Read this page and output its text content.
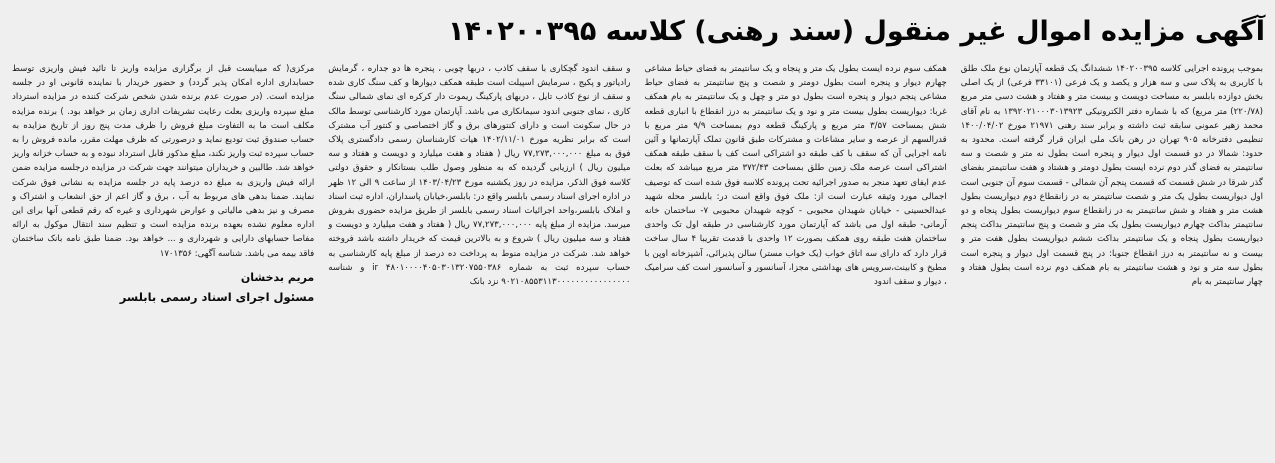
آگهی مزایده اموال غیر منقول (سند رهنی) کلاسه ۱۴۰۲۰۰۳۹۵

بموجب پرونده اجرایی کلاسه ۱۴۰۲۰۰۳۹۵ ششدانگ یک قطعه آپارتمان نوع ملک طلق با کاربری به پلاک سی و سه هزار و یکصد و یک فرعی (۳۳۱۰۱ فرعی) از یک اصلی بخش دوازده بابلسر به مساحت دویست و بیست متر و هفتاد و هشت دسی متر مربع (۲۲۰/۷۸) متر مربع) که با شماره دفتر الکترونیکی ۱۳۹۲۰۲۱۰۰۰۳۰۱۳۹۲۳ به نام آقای محمد زهیر عمونی سابقه ثبت داشته و برابر سند رهنی ۲۱۹۷۱ مورخ ۱۴۰۰/۰۴/۰۲ تنظیمی دفترخانه ۹۰۵ تهران در رهن بانک ملی ایران قرار گرفته است. محدود به حدود: شمالا در دو قسمت اول دیوار و پنجره است بطول نه متر و شصت و سه سانتیمتر به فضای گذر دوم نرده ایست بطول دومتر و هشتاد و هفت سانتیمتر بفضای گذر شرقا در شش قسمت که قسمت پنجم آن شمالی - قسمت سوم آن جنوبی است اول دیواریست بطول یک متر و شصت سانتیمتر به در زانقطاع دوم دیواریست بطول هشت متر و هفتاد و شش سانتیمتر به در زانقطاع سوم دیواریست بطول پنجاه و دو سانتیمتر بداکت چهارم دیواریست بطول یک متر و شصت و پنج سانتیمتر بداکت پنجم دیواریست بطول پنجاه و یک سانتیمتر بداکت ششم دیواریست بطول هفت متر و بیست و نه سانتیمتر به درز انقطاع جنوبا: در پنج قسمت اول دیوار و پنجره است بطول سه متر و نود و هشت سانتیمتر به بام همکف دوم نرده است بطول هفتاد و چهار سانتیمتر به بام

همکف سوم نرده ایست بطول یک متر و پنجاه و یک سانتیمتر به فضای حیاط مشاعی چهارم دیوار و پنجره است بطول دومتر و شصت و پنج سانتیمتر به فضای حیاط مشاعی پنجم دیوار و پنجره است بطول دو متر و چهل و یک سانتیمتر به بام همکف غربا: دیواریست بطول بیست متر و نود و یک سانتیمتر به درز انقطاع با انباری قطعه شش بمساحت ۳/۵۷ متر مربع و پارکینگ قطعه دوم بمساحت ۹/۹ متر مربع با قدرالسهم از عرصه و سایر مشاعات و مشترکات طبق قانون تملک آپارتمانها و آئین نامه اجرایی آن که سقف با کف طبقه دو اشتراکی است کف با سقف طبقه همکف اشتراکی است عرصه ملک زمین طلق بمساحت ۳۷۲/۴۳ متر مربع میباشد که بعلت عدم ایفای تعهد منجر به صدور اجرائیه تحت پرونده کلاسه فوق شده است که توصیف اجمالی مورد وثیقه عبارت است از: ملک فوق واقع است در: بابلسر محله شهید عبدالحسینی - خیابان شهیدان محبوبی - کوچه شهیدان محبوبی ۷- ساختمان خانه آرمانی- طبقه اول می باشد که آپارتمان مورد کارشناسی در طبقه اول تک واحدی ساختمان هفت طبقه روی همکف بصورت ۱۲ واحدی با قدمت تقریبا ۴ سال ساخت قرار دارد که دارای سه اتاق خواب (یک خواب مستر) سالن پذیرائی، آشپزخانه اوپن با مطبخ و کابینت،سرویس های بهداشتی مجزا، آسانسور و آسانسور است کف سرامیک ، دیوار و سقف اندود

و سقف اندود گچکاری با سقف کاذب ، دربها چوبی ، پنجره ها دو جداره ، گرمایش رادیاتور و پکیج ، سرمایش اسپیلت است طبقه همکف دیوارها و کف سنگ کاری شده و سقف از نوع کاذب تایل ، دربهای پارکینگ ریموت دار کرکره ای نمای شمالی سنگ کاری ، نمای جنوبی اندود سیمانکاری می باشد. آپارتمان مورد کارشناسی توسط مالک در حال سکونت است و دارای کنتورهای برق و گاز اختصاصی و کنتور آب مشترک است که برابر نظریه مورخ ۱۴۰۲/۱۱/۰۱ هیات کارشناسان رسمی دادگستری پلاک فوق به مبلغ ۷۷,۲۷۳,۰۰۰,۰۰۰ ریال ( هفتاد و هفت میلیارد و دویست و هفتاد و سه میلیون ریال ) ارزیابی گردیده که به منظور وصول طلب بستانکار و حقوق دولتی کلاسه فوق الذکر، مزایده در روز یکشنبه مورخ ۱۴۰۳/۰۴/۲۳ از ساعت ۹ الی ۱۲ ظهر در اداره اجرای اسناد رسمی بابلسر واقع در: بابلسر،خیابان پاسداران، اداره ثبت اسناد و املاک بابلسر،واحد اجرائیات اسناد رسمی بابلسر از طریق مزایده حضوری بفروش میرسد. مزایده از مبلغ پایه ۷۷,۲۷۳,۰۰۰,۰۰۰ ریال ( هفتاد و هفت میلیارد و دویست و هفتاد و سه میلیون ریال ) شروع و به بالاترین قیمت که خریدار داشته باشد فروخته خواهد شد. شرکت در مزایده منوط به پرداخت ده درصد از مبلغ پایه کارشناسی به حساب سپرده ثبت به شماره ir ۴۸۰۱۰۰۰۰۴۰۵۰۳۰۱۳۲۰۷۵۵۰۳۸۶ و شناسه ۹۰۲۱۰۸۵۵۳۱۱۳۰۰۰۰۰۰۰۰۰۰۰۰۰۰۰۰ نزد بانک

مرکزی( که میبایست قبل از برگزاری مزایده واریز تا تائید فیش واریزی توسط حسابداری اداره امکان پذیر گردد) و حضور خریدار با نماینده قانونی او در جلسه مزایده است. (در صورت عدم برنده شدن شخص شرکت کننده در مزایده استرداد مبلغ سپرده واریزی بعلت رعایت تشریفات اداری زمان بر خواهد بود. ) برنده مزایده مکلف است ما به التفاوت مبلغ فروش را ظرف مدت پنج روز از تاریخ مزایده به حساب صندوق ثبت تودیع نماید و درصورتی که ظرف مهلت مقرر، مانده فروش را به حساب سپرده ثبت واریز نکند، مبلغ مذکور قابل استرداد نبوده و به حساب خزانه واریز خواهد شد. طالبین و خریداران میتوانند جهت شرکت در مزایده درجلسه مزایده ضمن ارائه فیش واریزی به مبلغ ده درصد پایه در جلسه مزایده به نشانی فوق شرکت نمایند. ضمنا بدهی های مربوط به آب ، برق و گاز اعم از حق انشعاب و اشتراک و مصرف و نیز بدهی مالیاتی و عوارض شهرداری و غیره که رقم قطعی آنها برای این اداره معلوم نشده بعهده برنده مزایده است و تنظیم سند انتقال موکول به ارائه مفاصا حسابهای دارایی و شهرداری و ... خواهد بود. ضمنا طبق نامه بانک ساختمان فاقد بیمه می باشد. شناسه آگهی: ۱۷۰۱۳۵۶

مریم بدخشان
مسئول اجرای اسناد رسمی بابلسر
